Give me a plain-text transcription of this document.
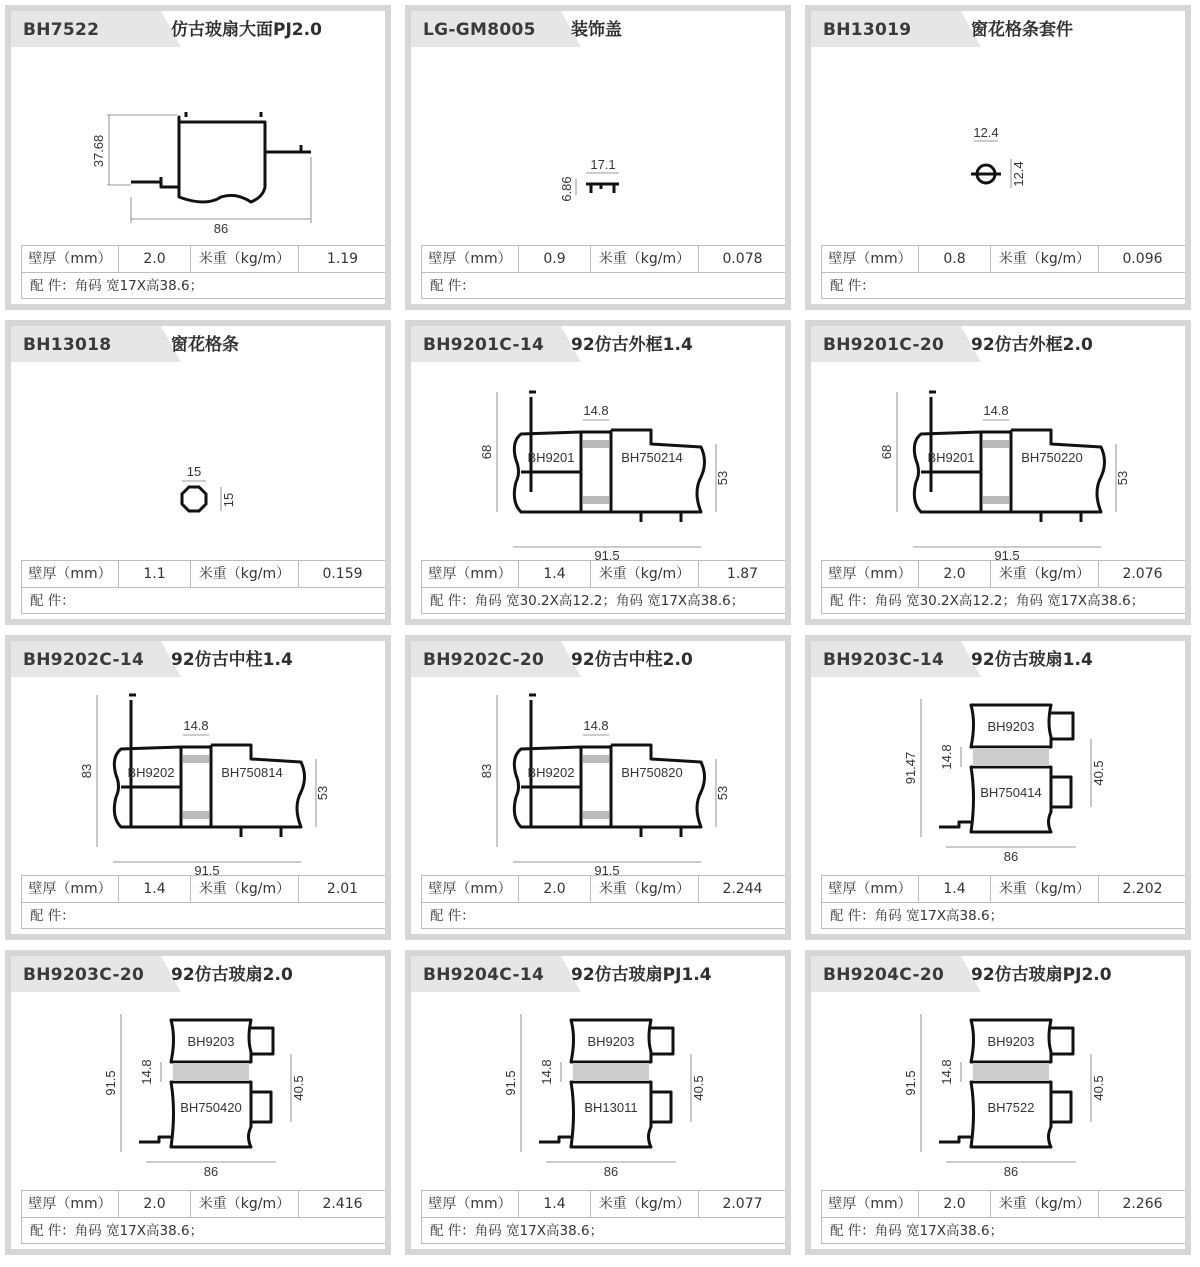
BH7522	仿古玻扇大面PJ2.0
86
37.68
壁厚（mm）	2.0	米重（kg/m）	1.19
配 件：角码 宽17X高38.6；
LG-GM8005 装饰盖
17.1
6.86
壁厚（mm）	0.9	米重（kg/m）	0.078
配 件：
BH13019	窗花格条套件
12.4
12.4
壁厚（mm）	0.8	米重（kg/m）	0.096
配 件：
BH13018	窗花格条
15
15
壁厚（mm）	1.1	米重（kg/m）	0.159
配 件：
BH9201C-14 92仿古外框1.4
BH9201	BH750214
14.8
91.5
68
53
壁厚（mm）	1.4	米重（kg/m）	1.87
配 件：角码 宽30.2X高12.2；角码 宽17X高38.6；
BH9201C-20 92仿古外框2.0
BH9201	BH750220
14.8
91.5
68
53
壁厚（mm）	2.0	米重（kg/m）	2.076
配 件：角码 宽30.2X高12.2；角码 宽17X高38.6；
BH9202C-14 92仿古中柱1.4
BH9202	BH750814
14.8
91.5
83
53
壁厚（mm）	1.4	米重（kg/m）	2.01
配 件：
BH9202C-20 92仿古中柱2.0
BH9202	BH750820
14.8
91.5
83
53
壁厚（mm）	2.0	米重（kg/m）	2.244
配 件：
BH9203C-14 92仿古玻扇1.4
BH9203
BH750414
14.8
86
91.47	40.5
壁厚（mm）	1.4	米重（kg/m）	2.202
配 件：角码 宽17X高38.6；
BH9203C-20 92仿古玻扇2.0
BH9203
BH750420
14.8
86
91.5	40.5
壁厚（mm）	2.0	米重（kg/m）	2.416
配 件：角码 宽17X高38.6；
BH9204C-14 92仿古玻扇PJ1.4
BH9203
BH13011
14.8
86
91.5	40.5
壁厚（mm）	1.4	米重（kg/m）	2.077
配 件：角码 宽17X高38.6；
BH9204C-20 92仿古玻扇PJ2.0
BH9203
BH7522
14.8
86
91.5	40.5
壁厚（mm）	2.0	米重（kg/m）	2.266
配 件：角码 宽17X高38.6；
